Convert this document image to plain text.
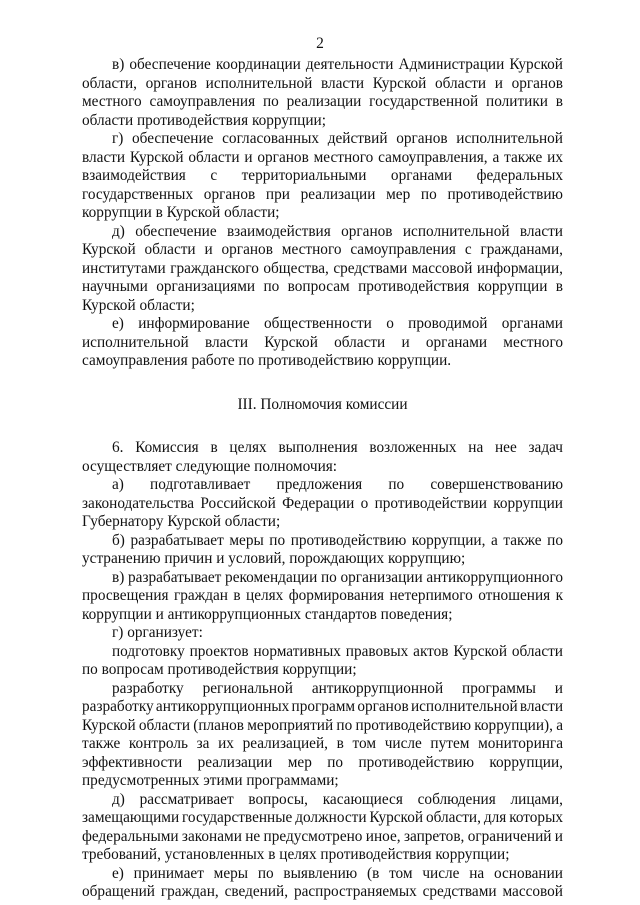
2
в) обеспечение координации деятельности Администрации Курской
области, органов исполнительной власти Курской области и органов
местного самоуправления по реализации государственной политики в
области противодействия коррупции;
г) обеспечение согласованных действий органов исполнительной
власти Курской области и органов местного самоуправления, а также их
взаимодействия с территориальными органами федеральных
государственных органов при реализации мер по противодействию
коррупции в Курской области;
д) обеспечение взаимодействия органов исполнительной власти
Курской области и органов местного самоуправления с гражданами,
институтами гражданского общества, средствами массовой информации,
научными организациями по вопросам противодействия коррупции в
Курской области;
е) информирование общественности о проводимой органами
исполнительной власти Курской области и органами местного
самоуправления работе по противодействию коррупции.
III. Полномочия комиссии
6. Комиссия в целях выполнения возложенных на нее задач
осуществляет следующие полномочия:
а) подготавливает предложения по совершенствованию
законодательства Российской Федерации о противодействии коррупции
Губернатору Курской области;
б) разрабатывает меры по противодействию коррупции, а также по
устранению причин и условий, порождающих коррупцию;
в) разрабатывает рекомендации по организации антикоррупционного
просвещения граждан в целях формирования нетерпимого отношения к
коррупции и антикоррупционных стандартов поведения;
г) организует:
подготовку проектов нормативных правовых актов Курской области
по вопросам противодействия коррупции;
разработку региональной антикоррупционной программы и
разработку антикоррупционных программ органов исполнительной власти
Курской области (планов мероприятий по противодействию коррупции), а
также контроль за их реализацией, в том числе путем мониторинга
эффективности реализации мер по противодействию коррупции,
предусмотренных этими программами;
д) рассматривает вопросы, касающиеся соблюдения лицами,
замещающими государственные должности Курской области, для которых
федеральными законами не предусмотрено иное, запретов, ограничений и
требований, установленных в целях противодействия коррупции;
е) принимает меры по выявлению (в том числе на основании
обращений граждан, сведений, распространяемых средствами массовой
